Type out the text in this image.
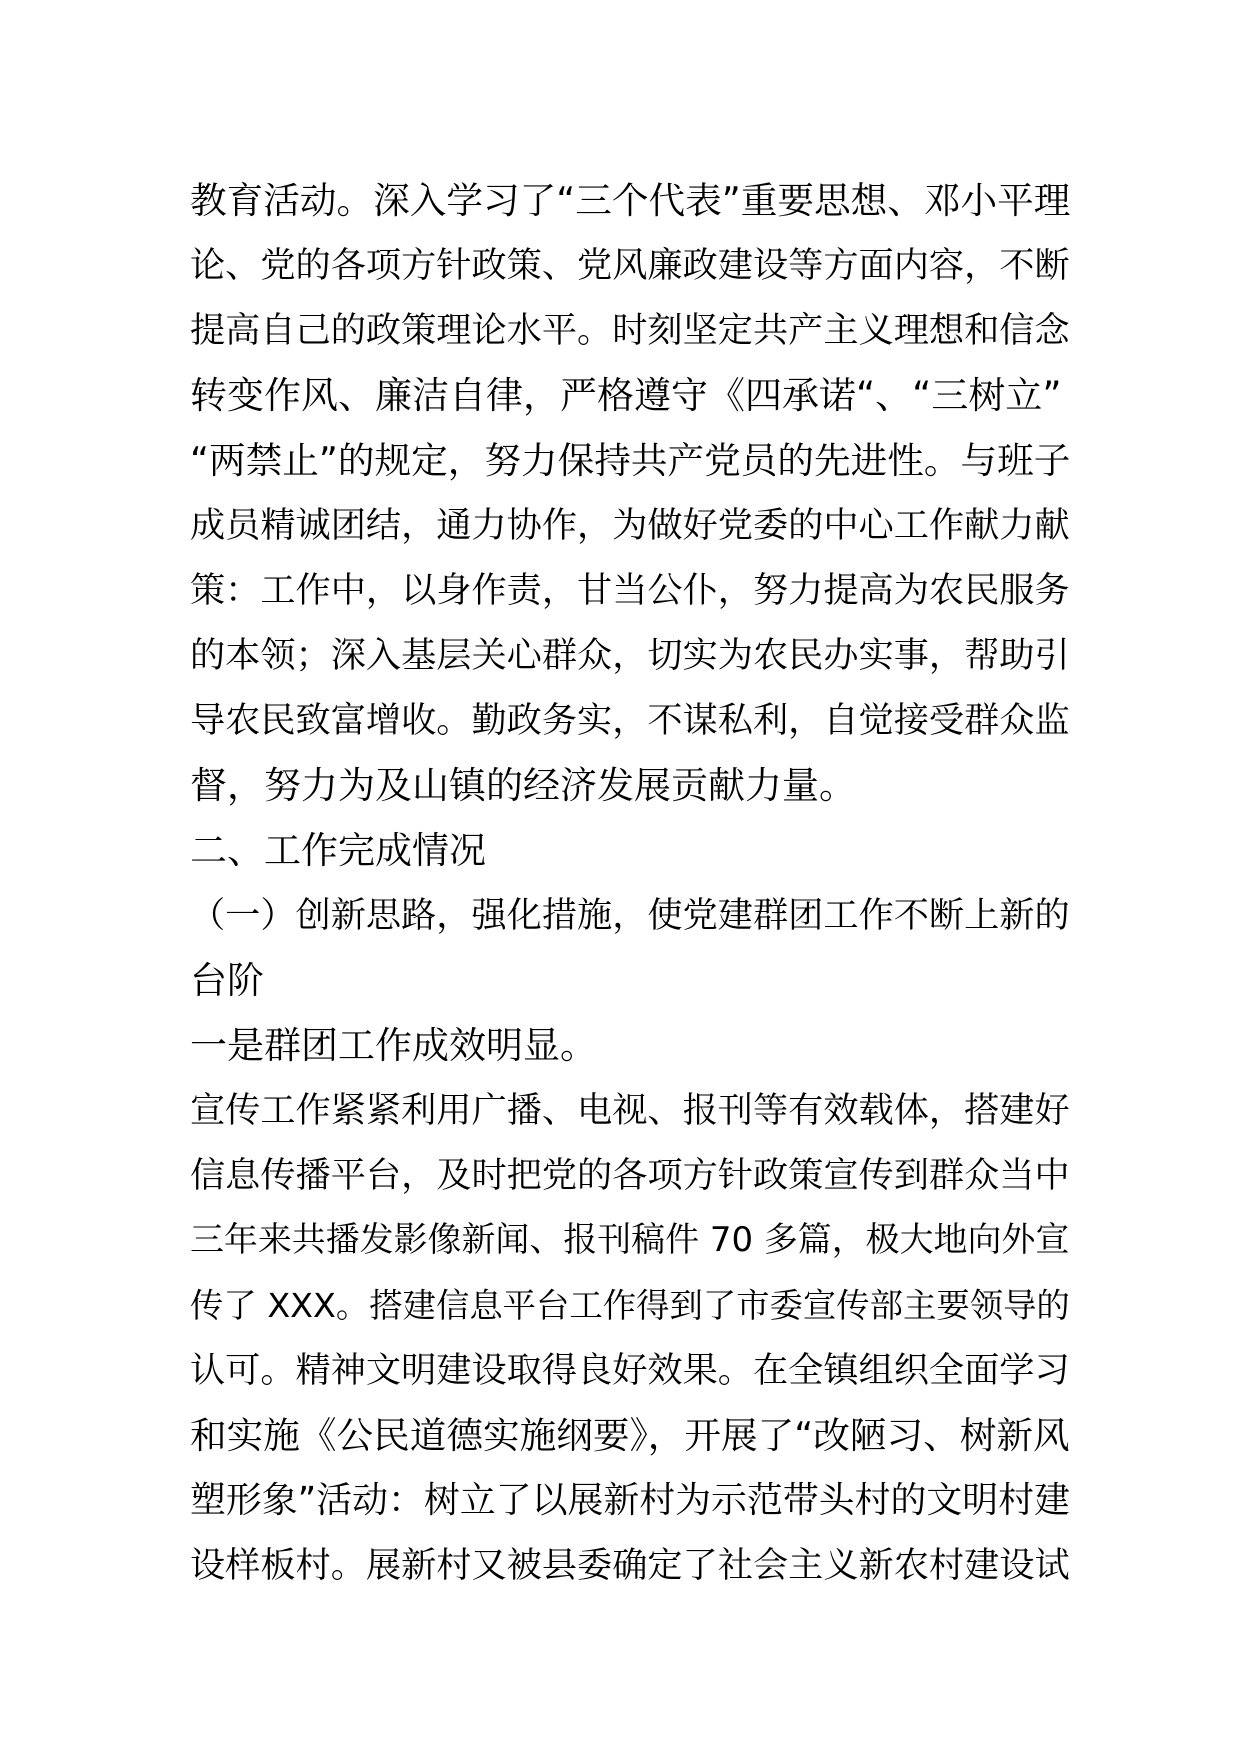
教育活动。深入学习了“三个代表”重要思想、邓小平理
论、党的各项方针政策、党风廉政建设等方面内容，不断
提高自己的政策理论水平。时刻坚定共产主义理想和信念
转变作风、廉洁自律，严格遵守《四承诺“、“三树立”
“两禁止”的规定，努力保持共产党员的先进性。与班子
成员精诚团结，通力协作，为做好党委的中心工作献力献
策：工作中，以身作责，甘当公仆，努力提高为农民服务
的本领；深入基层关心群众，切实为农民办实事，帮助引
导农民致富增收。勤政务实，不谋私利，自觉接受群众监
督，努力为及山镇的经济发展贡献力量。
二、工作完成情况
（一）创新思路，强化措施，使党建群团工作不断上新的
台阶
一是群团工作成效明显。
宣传工作紧紧利用广播、电视、报刊等有效载体，搭建好
信息传播平台，及时把党的各项方针政策宣传到群众当中
三年来共播发影像新闻、报刊稿件 70 多篇，极大地向外宣
传了 XXX。搭建信息平台工作得到了市委宣传部主要领导的
认可。精神文明建设取得良好效果。在全镇组织全面学习
和实施《公民道德实施纲要》，开展了“改陋习、树新风
塑形象”活动：树立了以展新村为示范带头村的文明村建
设样板村。展新村又被县委确定了社会主义新农村建设试
